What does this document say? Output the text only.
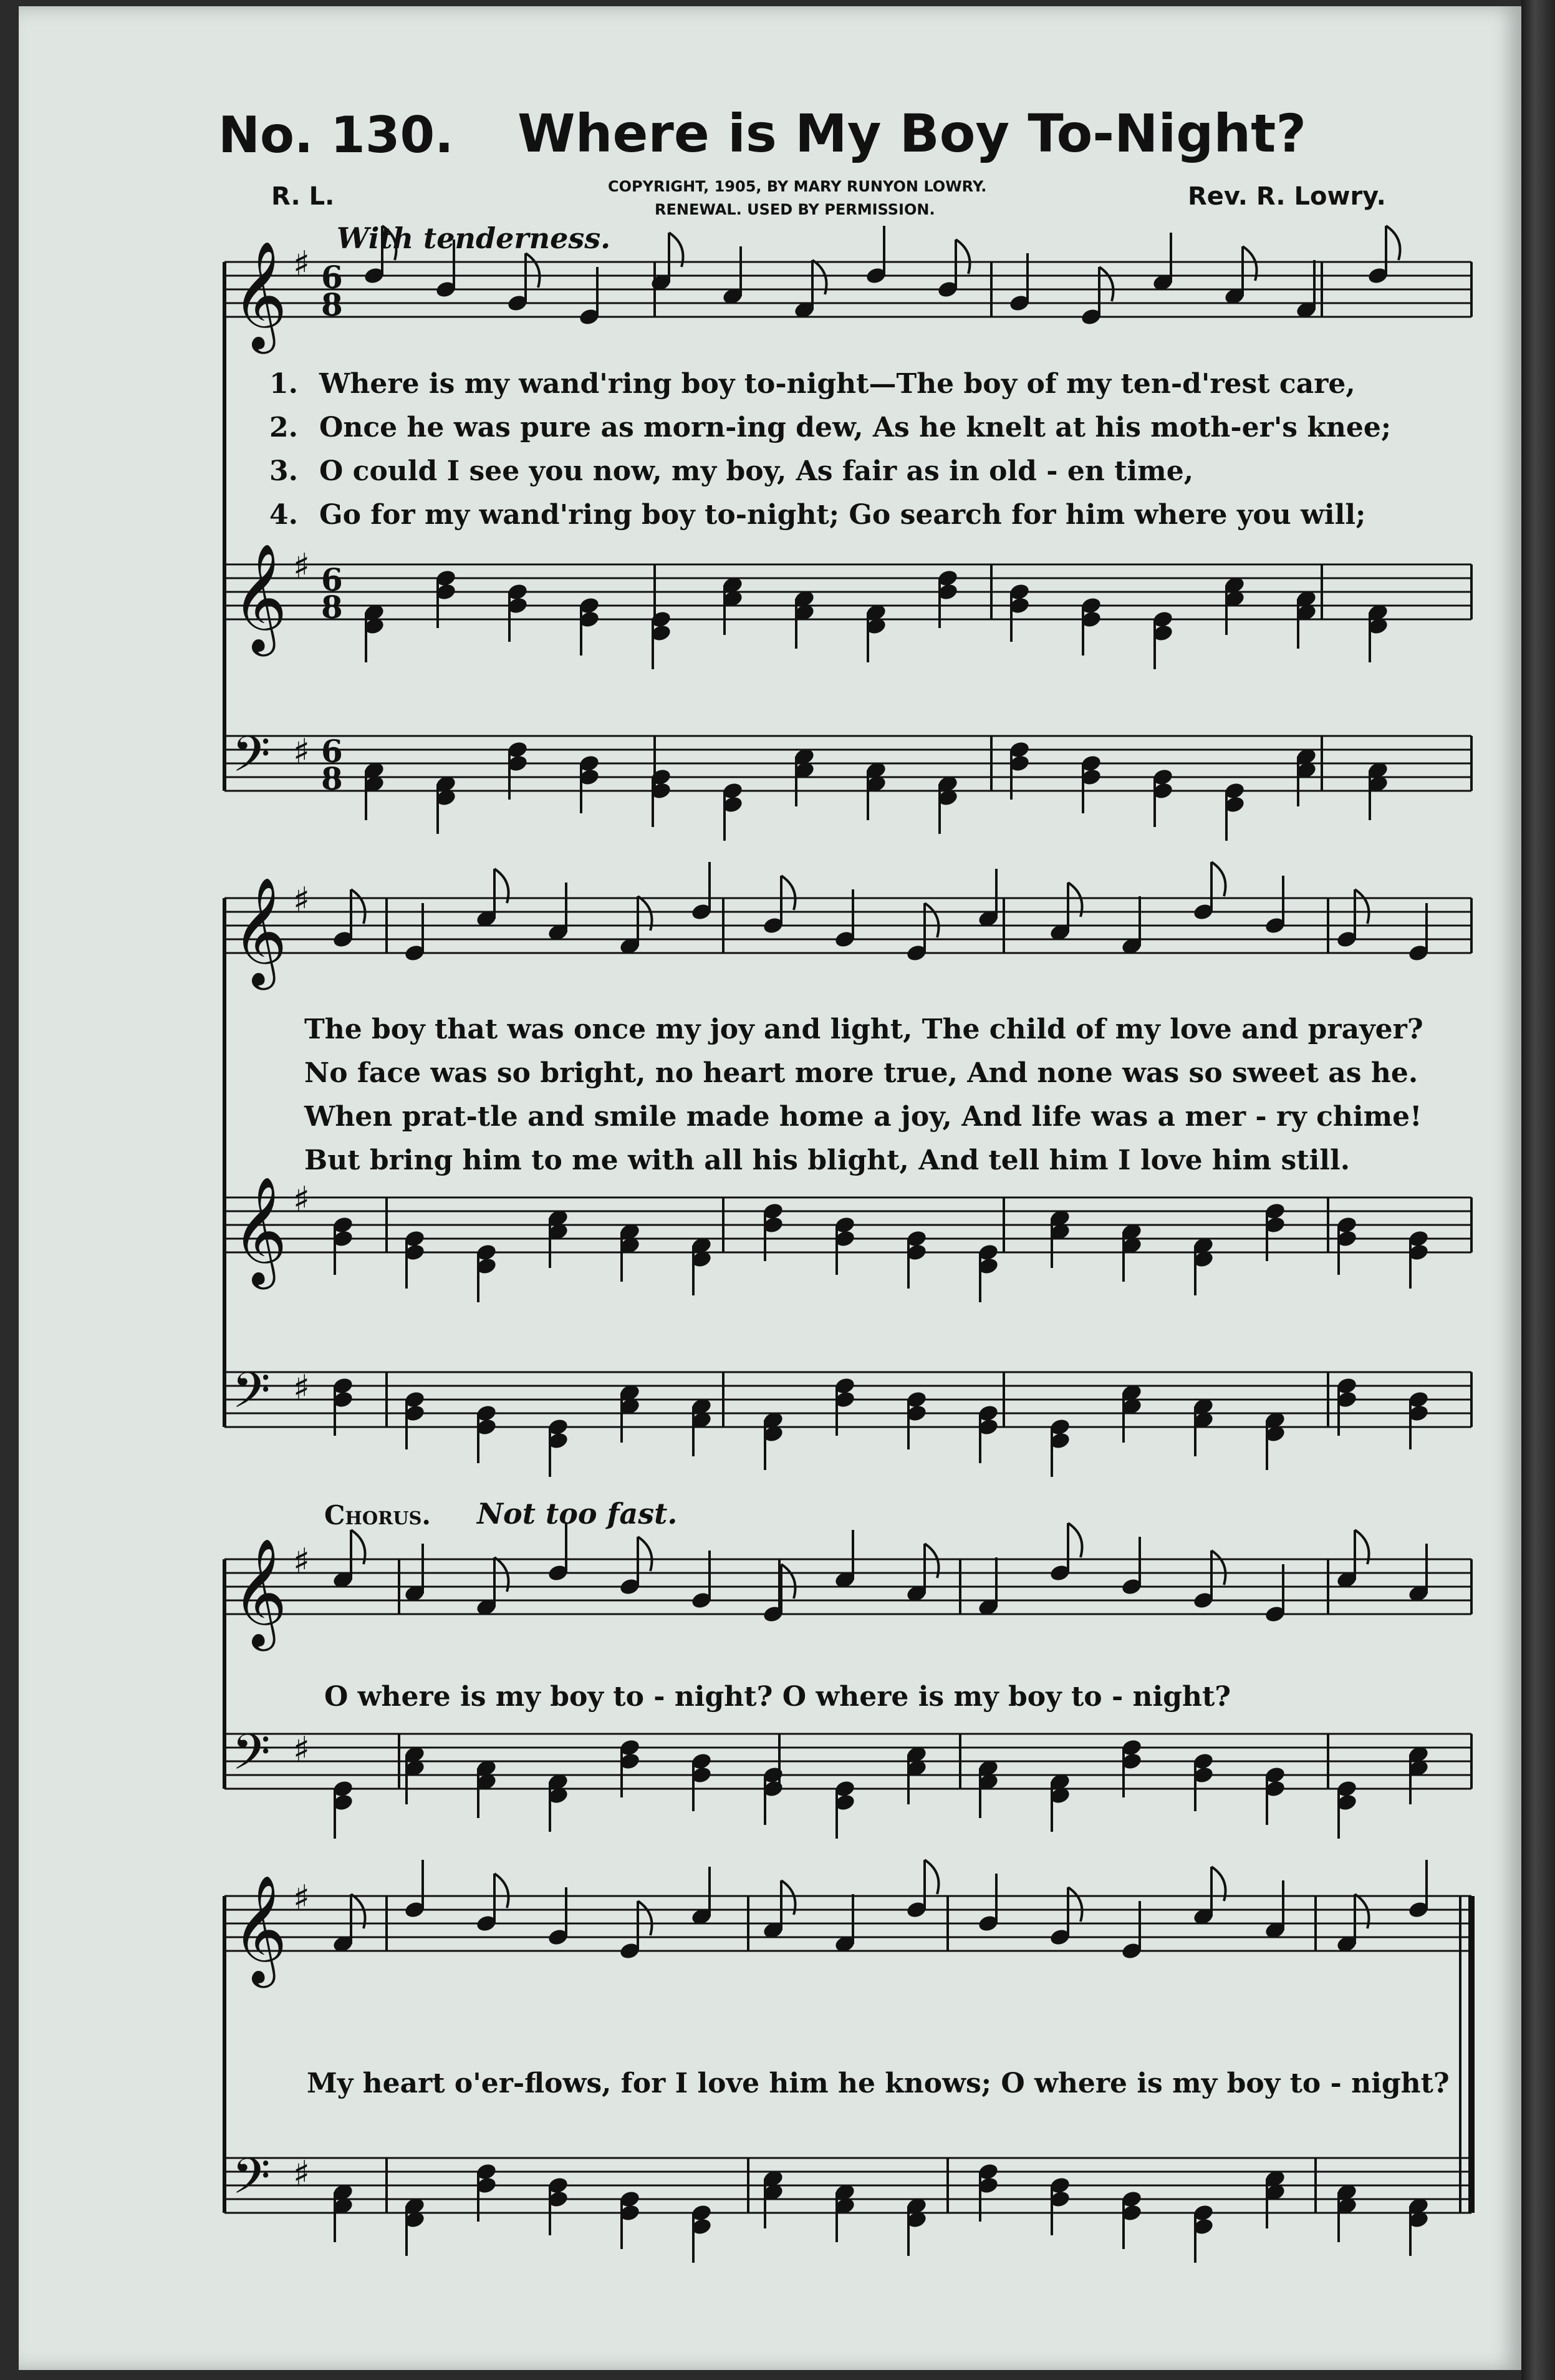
𝄞 ♯ 6
8
𝄞 ♯ 6
8
𝄢 ♯ 6
8
𝄞 ♯
𝄞 ♯
𝄢 ♯
𝄞 ♯
𝄢 ♯
𝄞 ♯
𝄢 ♯
No. 130. Where is My Boy To-Night?
R. L.	Rev. R. Lowry.
COPYRIGHT, 1905, BY MARY RUNYON LOWRY.
RENEWAL. USED BY PERMISSION.
With tenderness.
1.
2.
3.
4.
Where is my wand'ring boy to-night—The boy of my ten-d'rest care,
Once he was pure as morn-ing dew, As he knelt at his moth-er's knee;
O could I see you now, my boy, As fair as in old - en time,
Go for my wand'ring boy to-night; Go search for him where you will;
The boy that was once my joy and light, The child of my love and prayer?
No face was so bright, no heart more true, And none was so sweet as he.
When prat-tle and smile made home a joy, And life was a mer - ry chime!
But bring him to me with all his blight, And tell him I love him still.
Chorus. Not too fast.
O where is my boy to - night? O where is my boy to - night?
My heart o'er-flows, for I love him he knows; O where is my boy to - night?
